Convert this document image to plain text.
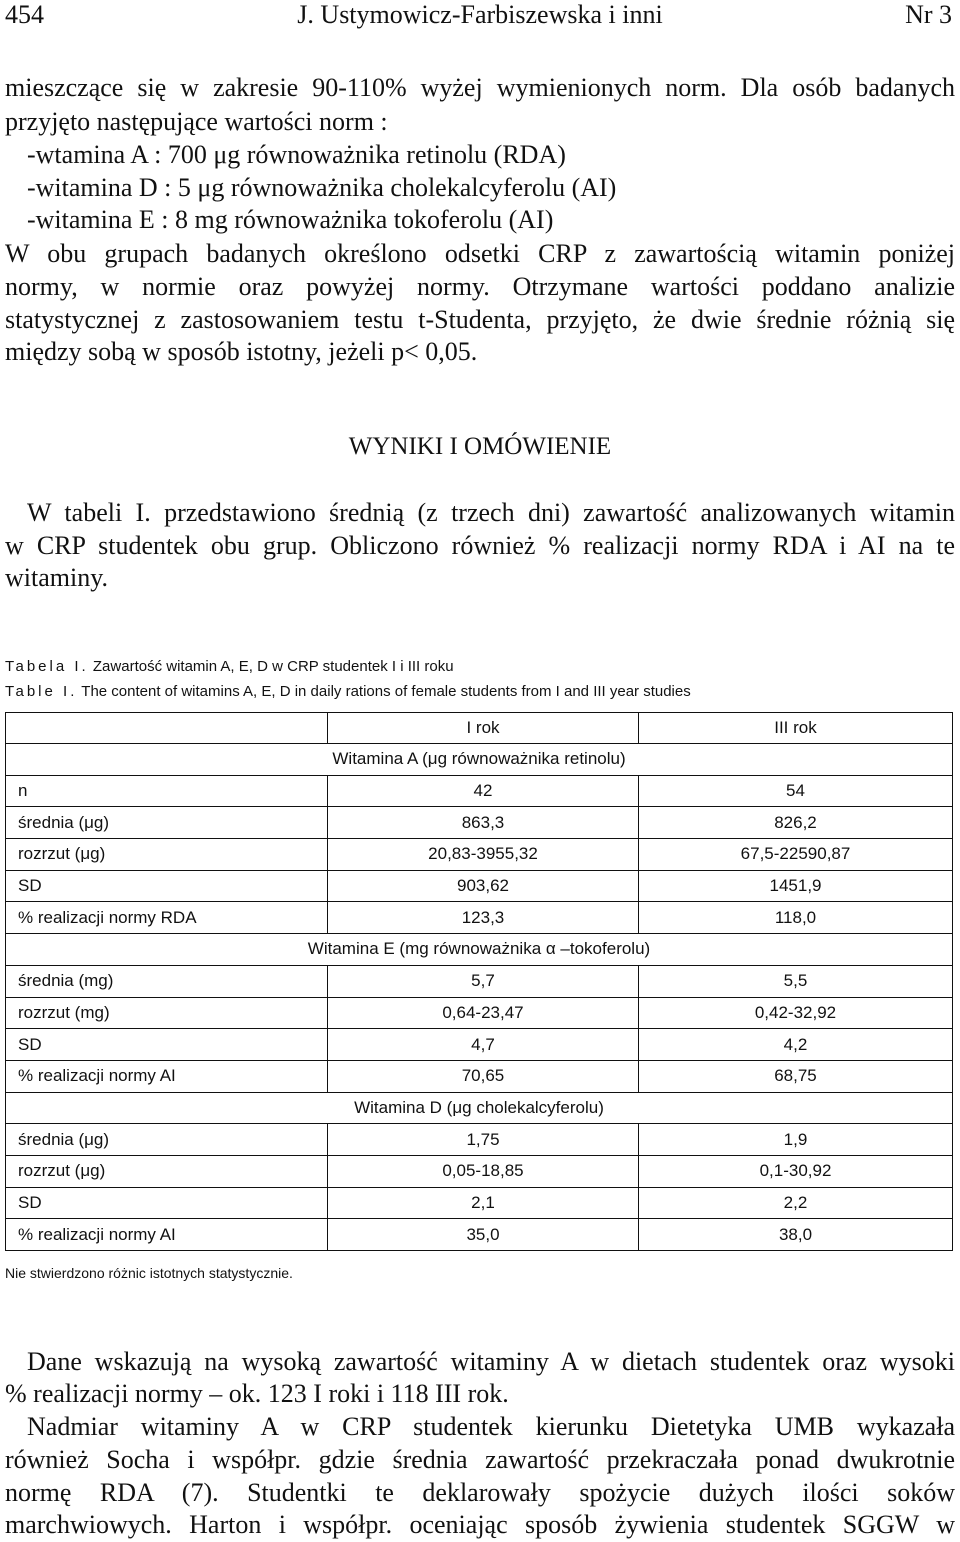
454	J. Ustymowicz-Farbiszewska i inni	Nr 3
mieszczące się w zakresie 90-110% wyżej wymienionych norm. Dla osób badanych
przyjęto następujące wartości norm :
-wtamina A : 700 μg równoważnika retinolu (RDA)
-witamina D : 5 μg równoważnika cholekalcyferolu (AI)
-witamina E : 8 mg równoważnika tokoferolu (AI)
W obu grupach badanych określono odsetki CRP z zawartością witamin poniżej
normy, w normie oraz powyżej normy. Otrzymane wartości poddano analizie
statystycznej z zastosowaniem testu t-Studenta, przyjęto, że dwie średnie różnią się
między sobą w sposób istotny, jeżeli p< 0,05.
WYNIKI I OMÓWIENIE
W tabeli I. przedstawiono średnią (z trzech dni) zawartość analizowanych witamin
w CRP studentek obu grup. Obliczono również % realizacji normy RDA i AI na te
witaminy.
Tabela I. Zawartość witamin A, E, D w CRP studentek I i III roku
Table I. The content of witamins A, E, D in daily rations of female students from I and III year studies
	I rok	III rok
Witamina A (μg równoważnika retinolu)		
n	42	54
średnia (μg)	863,3	826,2
rozrzut (μg)	20,83-3955,32	67,5-22590,87
SD	903,62	1451,9
% realizacji normy RDA	123,3	118,0
Witamina E (mg równoważnika α –tokoferolu)		
średnia (mg)	5,7	5,5
rozrzut (mg)	0,64-23,47	0,42-32,92
SD	4,7	4,2
% realizacji normy AI	70,65	68,75
Witamina D (μg cholekalcyferolu)		
średnia (μg)	1,75	1,9
rozrzut (μg)	0,05-18,85	0,1-30,92
SD	2,1	2,2
% realizacji normy AI	35,0	38,0
Nie stwierdzono różnic istotnych statystycznie.
Dane wskazują na wysoką zawartość witaminy A w dietach studentek oraz wysoki
% realizacji normy – ok. 123 I roki i 118 III rok.
Nadmiar witaminy A w CRP studentek kierunku Dietetyka UMB wykazała
również Socha i współpr. gdzie średnia zawartość przekraczała ponad dwukrotnie
normę RDA (7). Studentki te deklarowały spożycie dużych ilości soków
marchwiowych. Harton i współpr. oceniając sposób żywienia studentek SGGW w
